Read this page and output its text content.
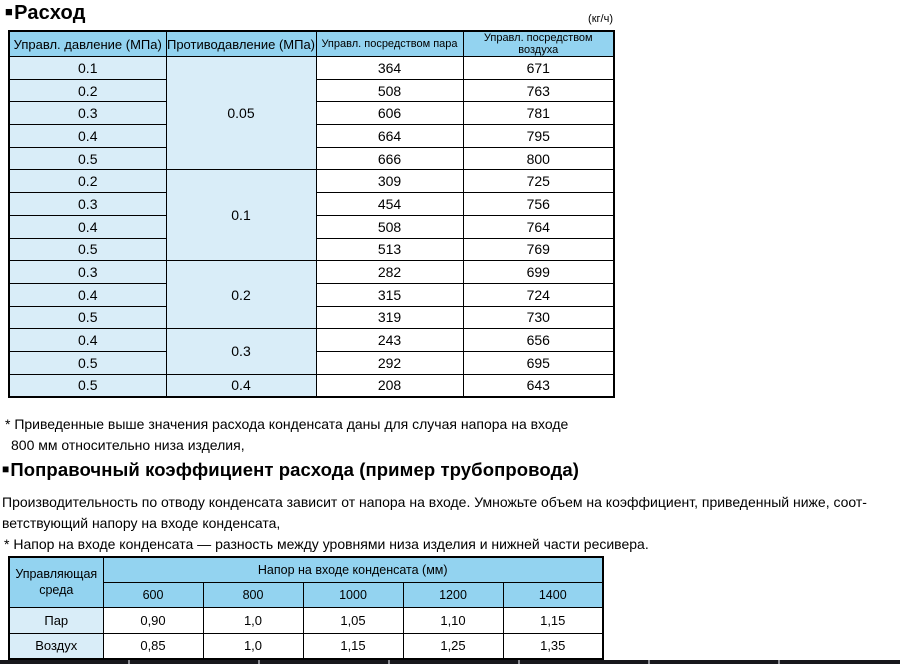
■Расход	(кг/ч)
Управл. давление (МПа)	Противодавление (МПа)	Управл. посредством пара	Управл. посредством воздуха
0.1	0.05	364	671
0.2		508	763
0.3		606	781
0.4		664	795
0.5		666	800
0.2	0.1	309	725
0.3		454	756
0.4		508	764
0.5		513	769
0.3	0.2	282	699
0.4		315	724
0.5		319	730
0.4	0.3	243	656
0.5		292	695
0.5	0.4	208	643
* Приведенные выше значения расхода конденсата даны для случая напора на входе
800 мм относительно низа изделия,
■Поправочный коэффициент расхода (пример трубопровода)
Производительность по отводу конденсата зависит от напора на входе. Умножьте объем на коэффициент, приведенный ниже, соот-
ветствующий напору на входе конденсата,
* Напор на входе конденсата — разность между уровнями низа изделия и нижней части ресивера.
Управляющая среда	Напор на входе конденсата (мм)				
	600	800	1000	1200	1400
Пар	0,90	1,0	1,05	1,10	1,15
Воздух	0,85	1,0	1,15	1,25	1,35
